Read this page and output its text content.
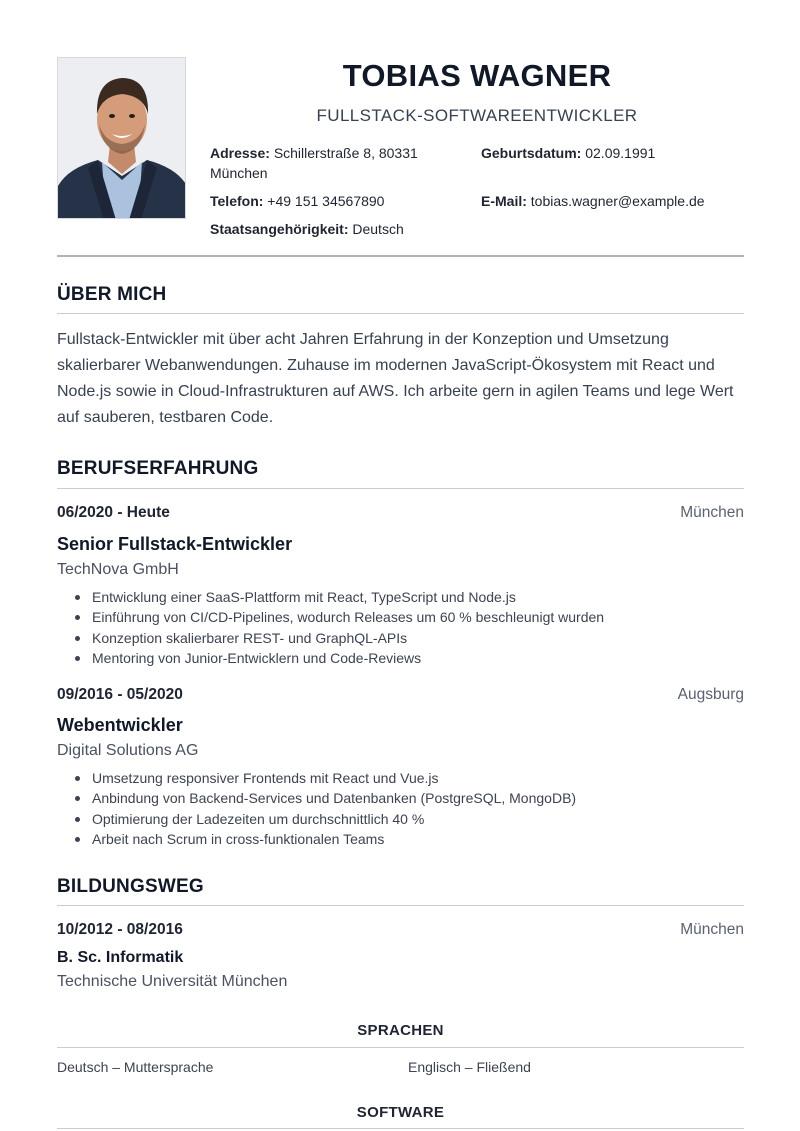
TOBIAS WAGNER
FULLSTACK-SOFTWAREENTWICKLER
Adresse: Schillerstraße 8, 80331
München
Geburtsdatum: 02.09.1991
Telefon: +49 151 34567890	E-Mail: tobias.wagner@example.de
Staatsangehörigkeit: Deutsch
ÜBER MICH
Fullstack-Entwickler mit über acht Jahren Erfahrung in der Konzeption und Umsetzung skalierbarer Webanwendungen. Zuhause im modernen JavaScript-Ökosystem mit React und Node.js sowie in Cloud-Infrastrukturen auf AWS. Ich arbeite gern in agilen Teams und lege Wert auf sauberen, testbaren Code.
BERUFSERFAHRUNG
06/2020 - Heute	München
Senior Fullstack-Entwickler
TechNova GmbH
Entwicklung einer SaaS-Plattform mit React, TypeScript und Node.js
Einführung von CI/CD-Pipelines, wodurch Releases um 60 % beschleunigt wurden
Konzeption skalierbarer REST- und GraphQL-APIs
Mentoring von Junior-Entwicklern und Code-Reviews
09/2016 - 05/2020	Augsburg
Webentwickler
Digital Solutions AG
Umsetzung responsiver Frontends mit React und Vue.js
Anbindung von Backend-Services und Datenbanken (PostgreSQL, MongoDB)
Optimierung der Ladezeiten um durchschnittlich 40 %
Arbeit nach Scrum in cross-funktionalen Teams
BILDUNGSWEG
10/2012 - 08/2016	München
B. Sc. Informatik
Technische Universität München
SPRACHEN
Deutsch – Muttersprache	Englisch – Fließend
SOFTWARE
